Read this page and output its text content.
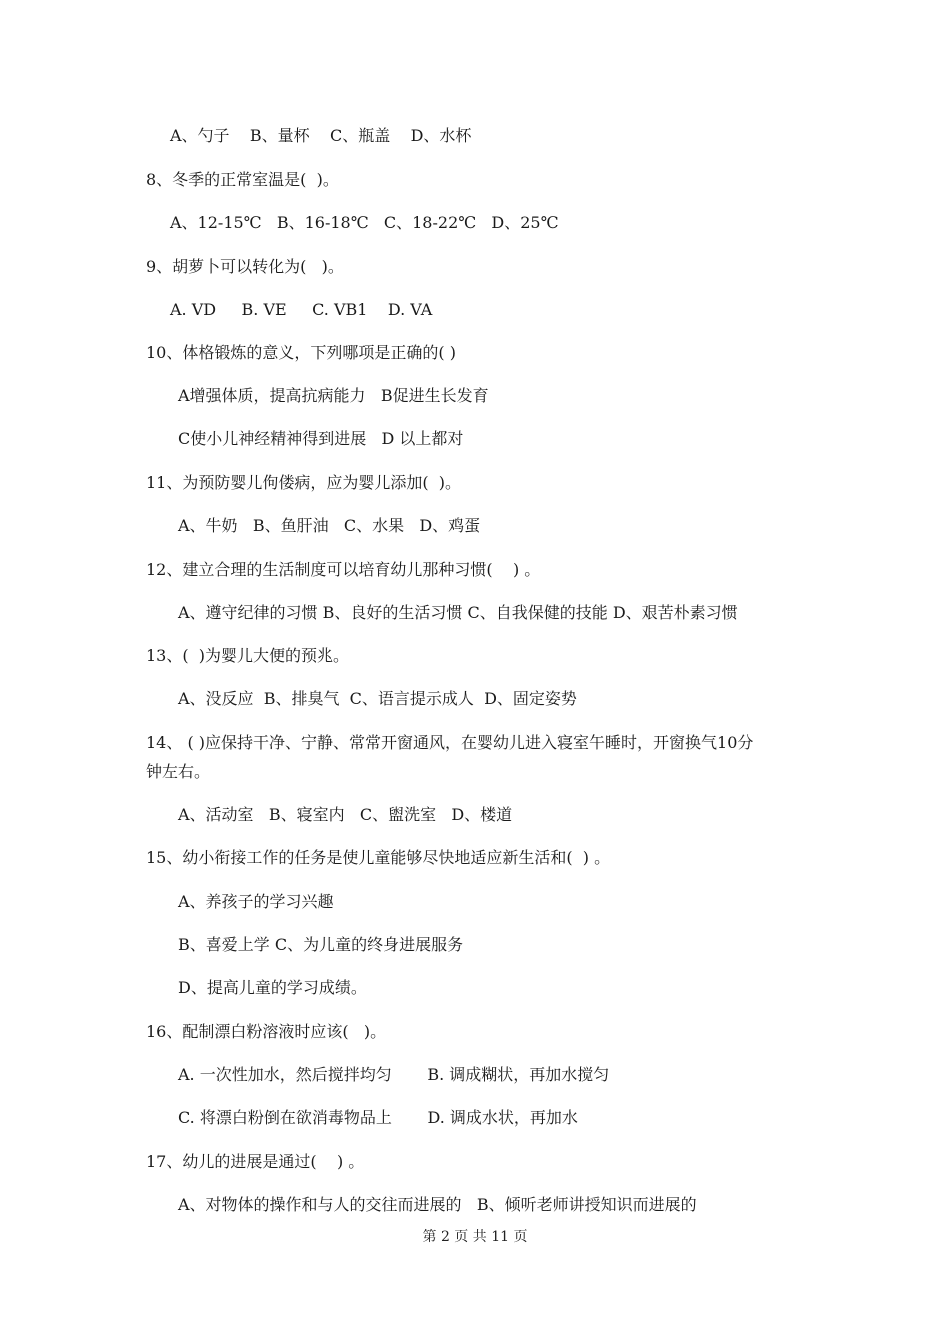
A、勺子    B、量杯    C、瓶盖    D、水杯
8、冬季的正常室温是(  )。
A、12-15℃   B、16-18℃   C、18-22℃   D、25℃
9、胡萝卜可以转化为(   )。
A. VD     B. VE     C. VB1    D. VA
10、体格锻炼的意义，下列哪项是正确的( )
A增强体质，提高抗病能力   B促进生长发育
C使小儿神经精神得到进展   D 以上都对
11、为预防婴儿佝偻病，应为婴儿添加(  )。
A、牛奶   B、鱼肝油   C、水果   D、鸡蛋
12、建立合理的生活制度可以培育幼儿那种习惯(    ) 。
A、遵守纪律的习惯 B、良好的生活习惯 C、自我保健的技能 D、艰苦朴素习惯
13、(  )为婴儿大便的预兆。
A、没反应  B、排臭气  C、语言提示成人  D、固定姿势
14、 ( )应保持干净、宁静、常常开窗通风，在婴幼儿进入寝室午睡时，开窗换气10分
钟左右。
A、活动室   B、寝室内   C、盥洗室   D、楼道
15、幼小衔接工作的任务是使儿童能够尽快地适应新生活和(  ) 。
A、养孩子的学习兴趣
B、喜爱上学 C、为儿童的终身进展服务
D、提高儿童的学习成绩。
16、配制漂白粉溶液时应该(   )。
A. 一次性加水，然后搅拌均匀       B. 调成糊状，再加水搅匀
C. 将漂白粉倒在欲消毒物品上       D. 调成水状，再加水
17、幼儿的进展是通过(    ) 。
A、对物体的操作和与人的交往而进展的   B、倾听老师讲授知识而进展的
第 2 页 共 11 页
